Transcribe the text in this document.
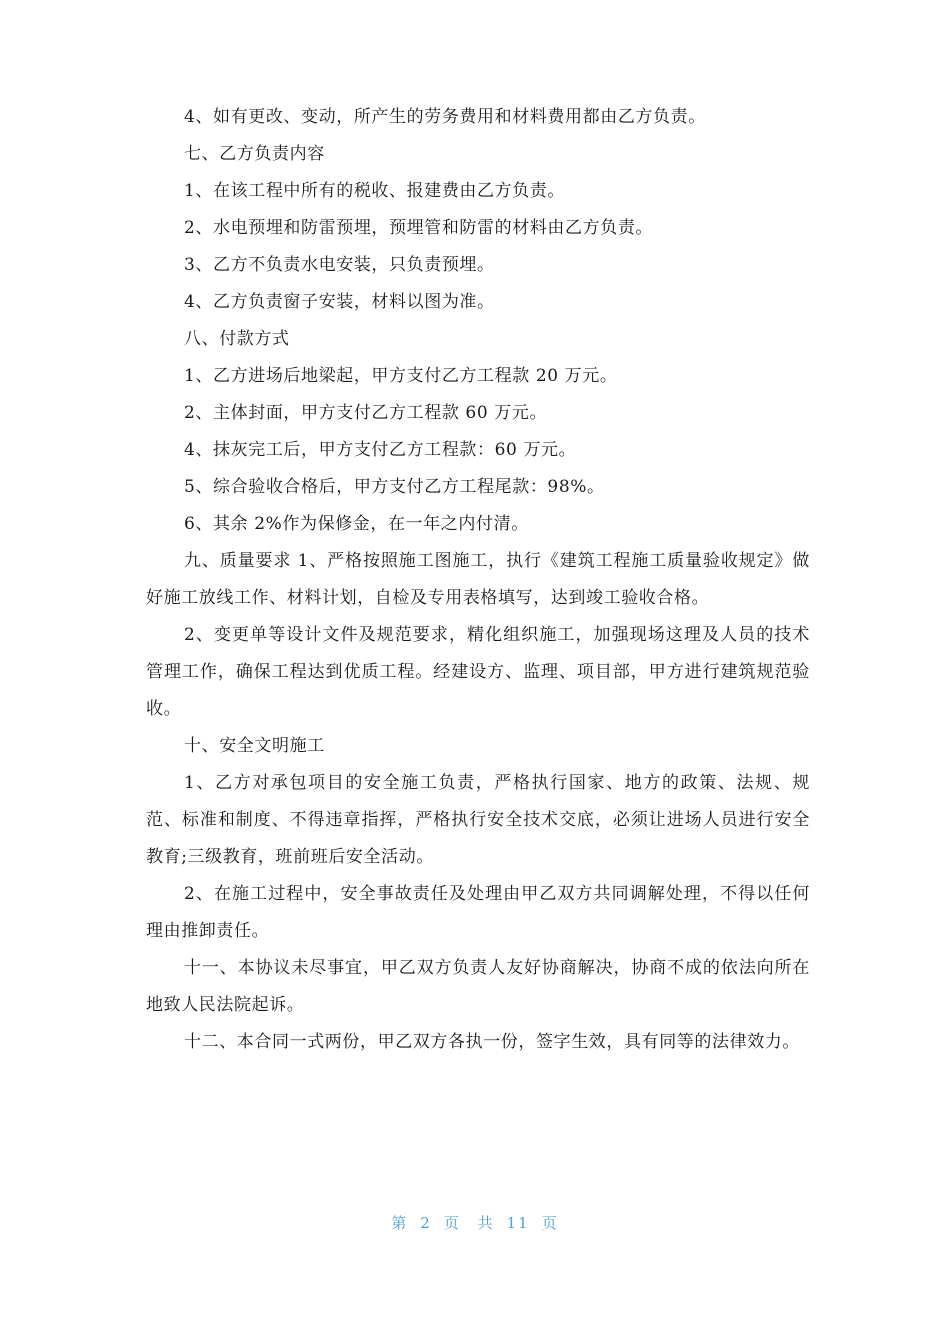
4、如有更改、变动，所产生的劳务费用和材料费用都由乙方负责。

七、乙方负责内容

1、在该工程中所有的税收、报建费由乙方负责。

2、水电预埋和防雷预埋，预埋管和防雷的材料由乙方负责。

3、乙方不负责水电安装，只负责预埋。

4、乙方负责窗子安装，材料以图为准。

八、付款方式

1、乙方进场后地梁起，甲方支付乙方工程款 20 万元。

2、主体封面，甲方支付乙方工程款 60 万元。

4、抹灰完工后，甲方支付乙方工程款：60 万元。

5、综合验收合格后，甲方支付乙方工程尾款：98%。

6、其余 2%作为保修金，在一年之内付清。

九、质量要求 1、严格按照施工图施工，执行《建筑工程施工质量验收规定》做好施工放线工作、材料计划，自检及专用表格填写，达到竣工验收合格。

2、变更单等设计文件及规范要求，精化组织施工，加强现场这理及人员的技术管理工作，确保工程达到优质工程。经建设方、监理、项目部，甲方进行建筑规范验收。

十、安全文明施工

1、乙方对承包项目的安全施工负责，严格执行国家、地方的政策、法规、规范、标准和制度、不得违章指挥，严格执行安全技术交底，必须让进场人员进行安全教育;三级教育，班前班后安全活动。

2、在施工过程中，安全事故责任及处理由甲乙双方共同调解处理，不得以任何理由推卸责任。

十一、本协议未尽事宜，甲乙双方负责人友好协商解决，协商不成的依法向所在地致人民法院起诉。

十二、本合同一式两份，甲乙双方各执一份，签字生效，具有同等的法律效力。

第 2 页 共 11 页
